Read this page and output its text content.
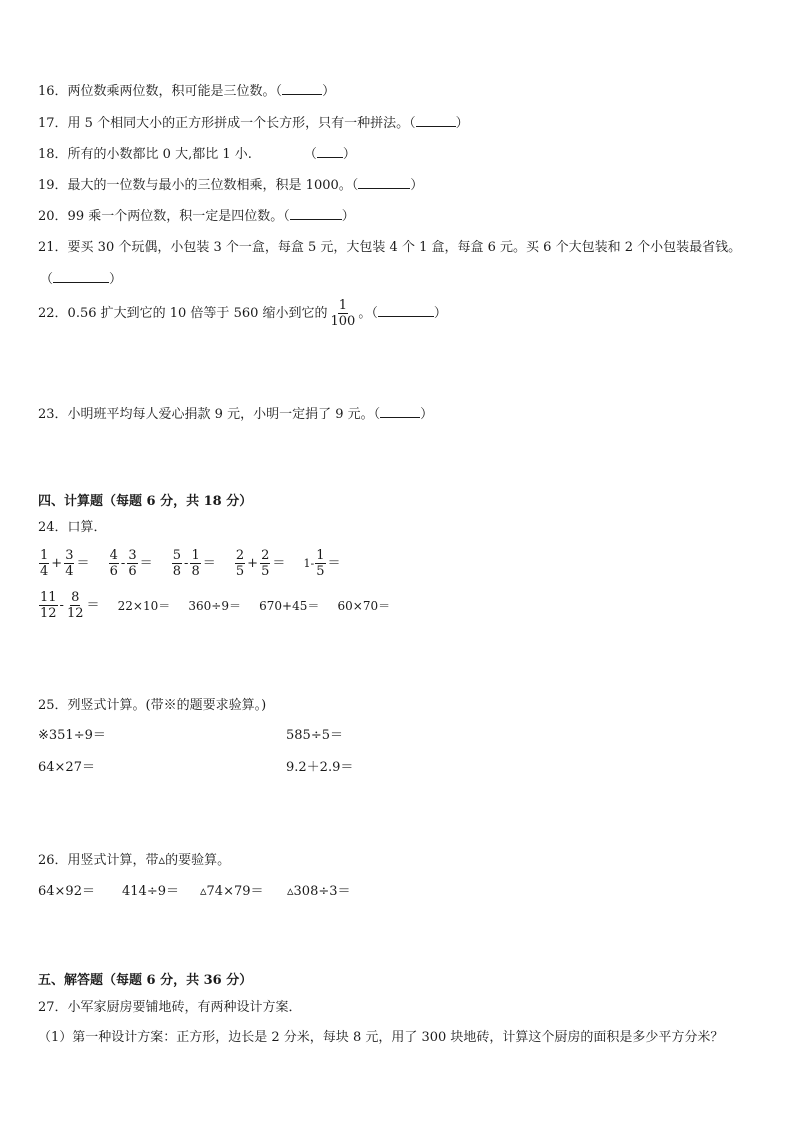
16．两位数乘两位数，积可能是三位数。（	）
17．用 5 个相同大小的正方形拼成一个长方形，只有一种拼法。（	）
18．所有的小数都比 0 大,都比 1 小.	（ ）
19．最大的一位数与最小的三位数相乘，积是 1000。（	）
20．99 乘一个两位数，积一定是四位数。（	）
21．要买 30 个玩偶，小包装 3 个一盒，每盒 5 元，大包装 4 个 1 盒，每盒 6 元。买 6 个大包装和 2 个小包装最省钱。
（	）
22．0.56 扩大到它的 10 倍等于 560 缩小到它的 $\frac{1}{100}$ 。（	）
23．小明班平均每人爱心捐款 9 元，小明一定捐了 9 元。（	）
四、计算题（每题 6 分，共 18 分）
24．口算．
$\frac{1}{4} + \frac{3}{4} = \frac{4}{6} - \frac{3}{6} = \frac{5}{8} - \frac{1}{8} = \frac{2}{5} + \frac{2}{5} = 1- \frac{1}{5}$ ＝
$\frac{11}{12} - \frac{8}{12} = 22\times 10= 360\div 9= 670+45= 60\times 70=$
25．列竖式计算。(带※的题要求验算。)
※351÷9＝	585÷5＝
64×27＝	9.2＋2.9＝
26．用竖式计算，带▵的要验算。
64×92＝ 414÷9＝ ▵74×79＝ ▵308÷3＝
五、解答题（每题 6 分，共 36 分）
27．小军家厨房要铺地砖，有两种设计方案．
（1）第一种设计方案：正方形，边长是 2 分米，每块 8 元，用了 300 块地砖，计算这个厨房的面积是多少平方分米？
